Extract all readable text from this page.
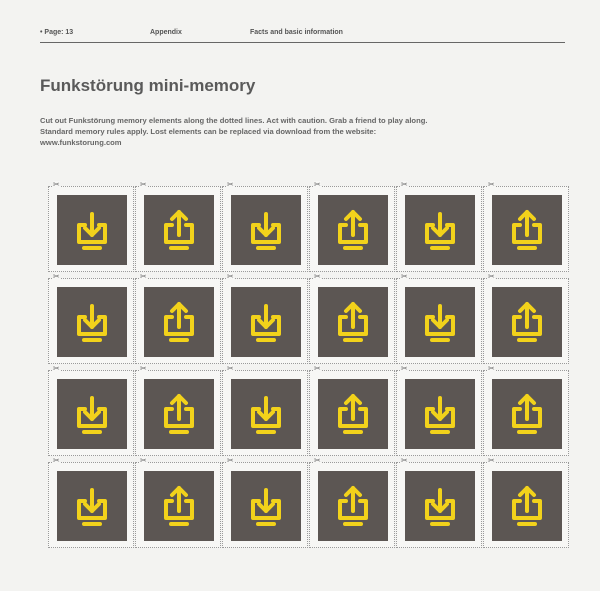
• Page: 13	Appendix	Facts and basic information
Funkstörung mini-memory

Cut out Funkstörung memory elements along the dotted lines. Act with caution. Grab a friend to play along. Standard memory rules apply. Lost elements can be replaced via download from the website: www.funkstorung.com

✂	✂	✂	✂	✂	✂
✂	✂	✂	✂	✂	✂
✂	✂	✂	✂	✂	✂
✂	✂	✂	✂	✂	✂
